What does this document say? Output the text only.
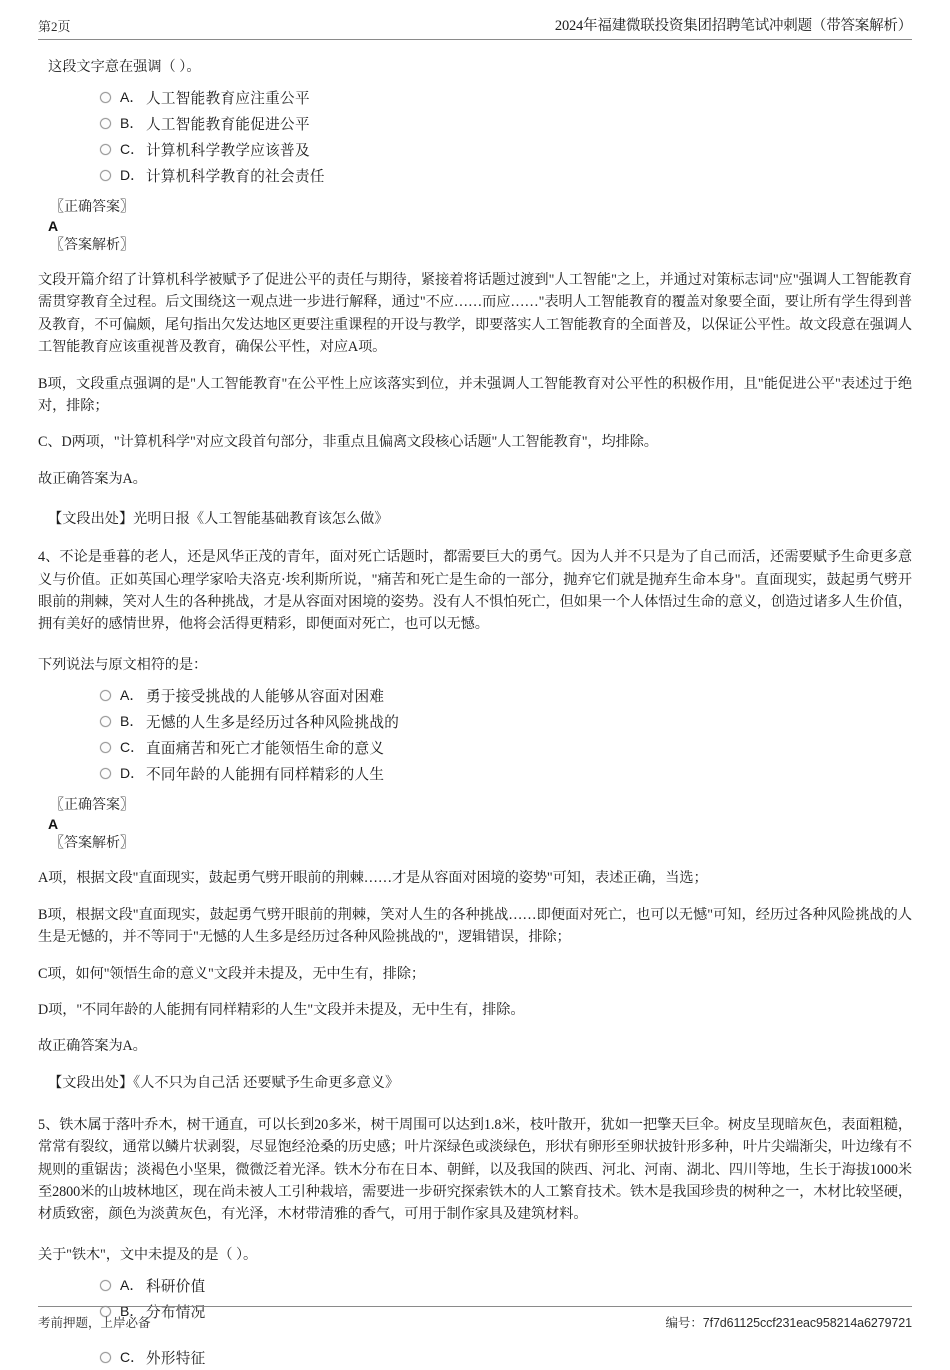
第2页	2024年福建微联投资集团招聘笔试冲刺题（带答案解析）

这段文字意在强调（ ）。

A． 人工智能教育应注重公平
B． 人工智能教育能促进公平
C． 计算机科学教学应该普及
D． 计算机科学教育的社会责任

〖正确答案〗

A

〖答案解析〗

文段开篇介绍了计算机科学被赋予了促进公平的责任与期待，紧接着将话题过渡到"人工智能"之上，并通过对策标志词"应"强调人工智能教育需贯穿教育全过程。后文围绕这一观点进一步进行解释，通过"不应……而应……"表明人工智能教育的覆盖对象要全面，要让所有学生得到普及教育，不可偏颇，尾句指出欠发达地区更要注重课程的开设与教学，即要落实人工智能教育的全面普及，以保证公平性。故文段意在强调人工智能教育应该重视普及教育，确保公平性，对应A项。

B项，文段重点强调的是"人工智能教育"在公平性上应该落实到位，并未强调人工智能教育对公平性的积极作用，且"能促进公平"表述过于绝对，排除；

C、D两项，"计算机科学"对应文段首句部分，非重点且偏离文段核心话题"人工智能教育"，均排除。

故正确答案为A。

【文段出处】光明日报《人工智能基础教育该怎么做》

4、不论是垂暮的老人，还是风华正茂的青年，面对死亡话题时，都需要巨大的勇气。因为人并不只是为了自己而活，还需要赋予生命更多意义与价值。正如英国心理学家哈夫洛克·埃利斯所说，"痛苦和死亡是生命的一部分，抛弃它们就是抛弃生命本身"。直面现实，鼓起勇气劈开眼前的荆棘，笑对人生的各种挑战，才是从容面对困境的姿势。没有人不惧怕死亡，但如果一个人体悟过生命的意义，创造过诸多人生价值，拥有美好的感情世界，他将会活得更精彩，即便面对死亡，也可以无憾。

下列说法与原文相符的是：

A． 勇于接受挑战的人能够从容面对困难
B． 无憾的人生多是经历过各种风险挑战的
C． 直面痛苦和死亡才能领悟生命的意义
D． 不同年龄的人能拥有同样精彩的人生

〖正确答案〗

A

〖答案解析〗

A项，根据文段"直面现实，鼓起勇气劈开眼前的荆棘……才是从容面对困境的姿势"可知，表述正确，当选；

B项，根据文段"直面现实，鼓起勇气劈开眼前的荆棘，笑对人生的各种挑战……即便面对死亡，也可以无憾"可知，经历过各种风险挑战的人生是无憾的，并不等同于"无憾的人生多是经历过各种风险挑战的"，逻辑错误，排除；

C项，如何"领悟生命的意义"文段并未提及，无中生有，排除；

D项，"不同年龄的人能拥有同样精彩的人生"文段并未提及，无中生有，排除。

故正确答案为A。

【文段出处】《人不只为自己活 还要赋予生命更多意义》

5、铁木属于落叶乔木，树干通直，可以长到20多米，树干周围可以达到1.8米，枝叶散开，犹如一把擎天巨伞。树皮呈现暗灰色，表面粗糙，常常有裂纹，通常以鳞片状剥裂，尽显饱经沧桑的历史感；叶片深绿色或淡绿色，形状有卵形至卵状披针形多种，叶片尖端渐尖，叶边缘有不规则的重锯齿；淡褐色小坚果，微微泛着光泽。铁木分布在日本、朝鲜，以及我国的陕西、河北、河南、湖北、四川等地，生长于海拔1000米至2800米的山坡林地区，现在尚未被人工引种栽培，需要进一步研究探索铁木的人工繁育技术。铁木是我国珍贵的树种之一，木材比较坚硬，材质致密，颜色为淡黄灰色，有光泽，木材带清雅的香气，可用于制作家具及建筑材料。

关于"铁木"，文中未提及的是（ ）。

A． 科研价值
B． 分布情况
C． 外形特征
考前押题，上岸必备	编号：7f7d61125ccf231eac958214a6279721
